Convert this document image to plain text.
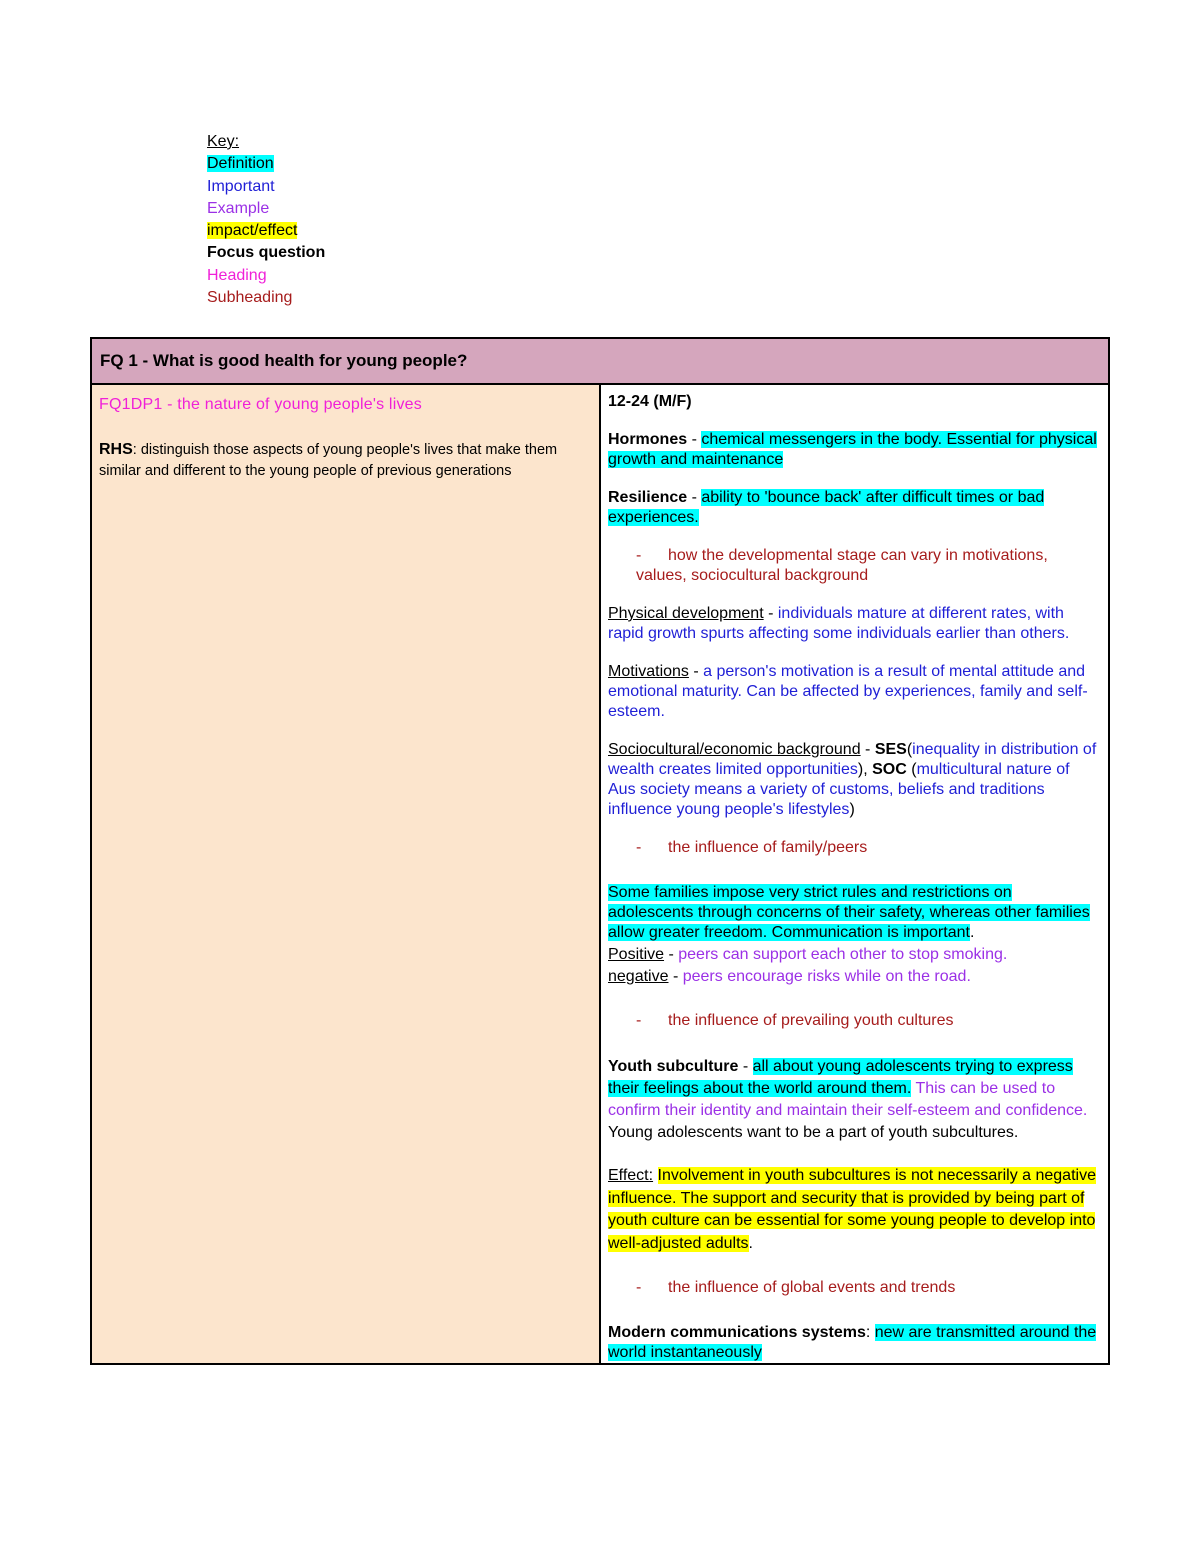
Key:
Definition
Important
Example
impact/effect
Focus question
Heading
Subheading
FQ 1 - What is good health for young people?

FQ1DP1 - the nature of young people's lives
RHS: distinguish those aspects of young people's lives that make them similar and different to the young people of previous generations

12-24 (M/F)

Hormones - chemical messengers in the body. Essential for physical growth and maintenance

Resilience - ability to 'bounce back' after difficult times or bad experiences.

- how the developmental stage can vary in motivations, values, sociocultural background

Physical development - individuals mature at different rates, with rapid growth spurts affecting some individuals earlier than others.

Motivations - a person's motivation is a result of mental attitude and emotional maturity. Can be affected by experiences, family and self-esteem.

Sociocultural/economic background - SES(inequality in distribution of wealth creates limited opportunities), SOC (multicultural nature of Aus society means a variety of customs, beliefs and traditions influence young people's lifestyles)

- the influence of family/peers

Some families impose very strict rules and restrictions on adolescents through concerns of their safety, whereas other families allow greater freedom. Communication is important.

Positive - peers can support each other to stop smoking.

negative - peers encourage risks while on the road.

- the influence of prevailing youth cultures

Youth subculture - all about young adolescents trying to express their feelings about the world around them. This can be used to confirm their identity and maintain their self-esteem and confidence. Young adolescents want to be a part of youth subcultures.

Effect: Involvement in youth subcultures is not necessarily a negative influence. The support and security that is provided by being part of youth culture can be essential for some young people to develop into well-adjusted adults.

- the influence of global events and trends

Modern communications systems: new are transmitted around the world instantaneously
